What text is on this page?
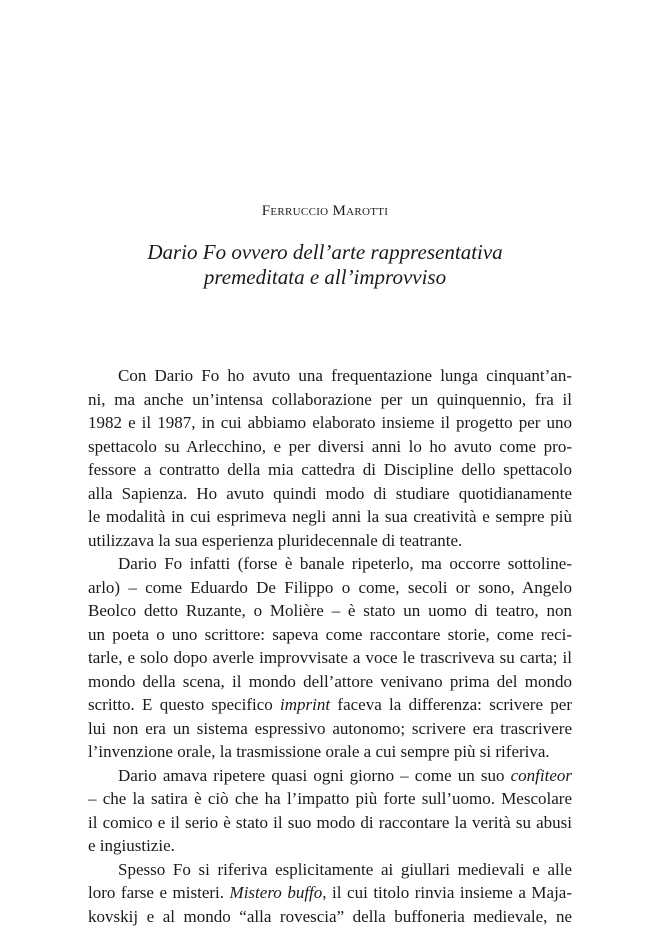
Ferruccio Marotti
Dario Fo ovvero dell’arte rappresentativa
premeditata e all’improvviso
Con Dario Fo ho avuto una frequentazione lunga cinquant’an-
ni, ma anche un’intensa collaborazione per un quinquennio, fra il
1982 e il 1987, in cui abbiamo elaborato insieme il progetto per uno
spettacolo su Arlecchino, e per diversi anni lo ho avuto come pro-
fessore a contratto della mia cattedra di Discipline dello spettacolo
alla Sapienza. Ho avuto quindi modo di studiare quotidianamente
le modalità in cui esprimeva negli anni la sua creatività e sempre più
utilizzava la sua esperienza pluridecennale di teatrante.
Dario Fo infatti (forse è banale ripeterlo, ma occorre sottoline-
arlo) – come Eduardo De Filippo o come, secoli or sono, Angelo
Beolco detto Ruzante, o Molière – è stato un uomo di teatro, non
un poeta o uno scrittore: sapeva come raccontare storie, come reci-
tarle, e solo dopo averle improvvisate a voce le trascriveva su carta; il
mondo della scena, il mondo dell’attore venivano prima del mondo
scritto. E questo specifico imprint faceva la differenza: scrivere per
lui non era un sistema espressivo autonomo; scrivere era trascrivere
l’invenzione orale, la trasmissione orale a cui sempre più si riferiva.
Dario amava ripetere quasi ogni giorno – come un suo confiteor
– che la satira è ciò che ha l’impatto più forte sull’uomo. Mescolare
il comico e il serio è stato il suo modo di raccontare la verità su abusi
e ingiustizie.
Spesso Fo si riferiva esplicitamente ai giullari medievali e alle
loro farse e misteri. Mistero buffo, il cui titolo rinvia insieme a Maja-
kovskij e al mondo “alla rovescia” della buffoneria medievale, ne
